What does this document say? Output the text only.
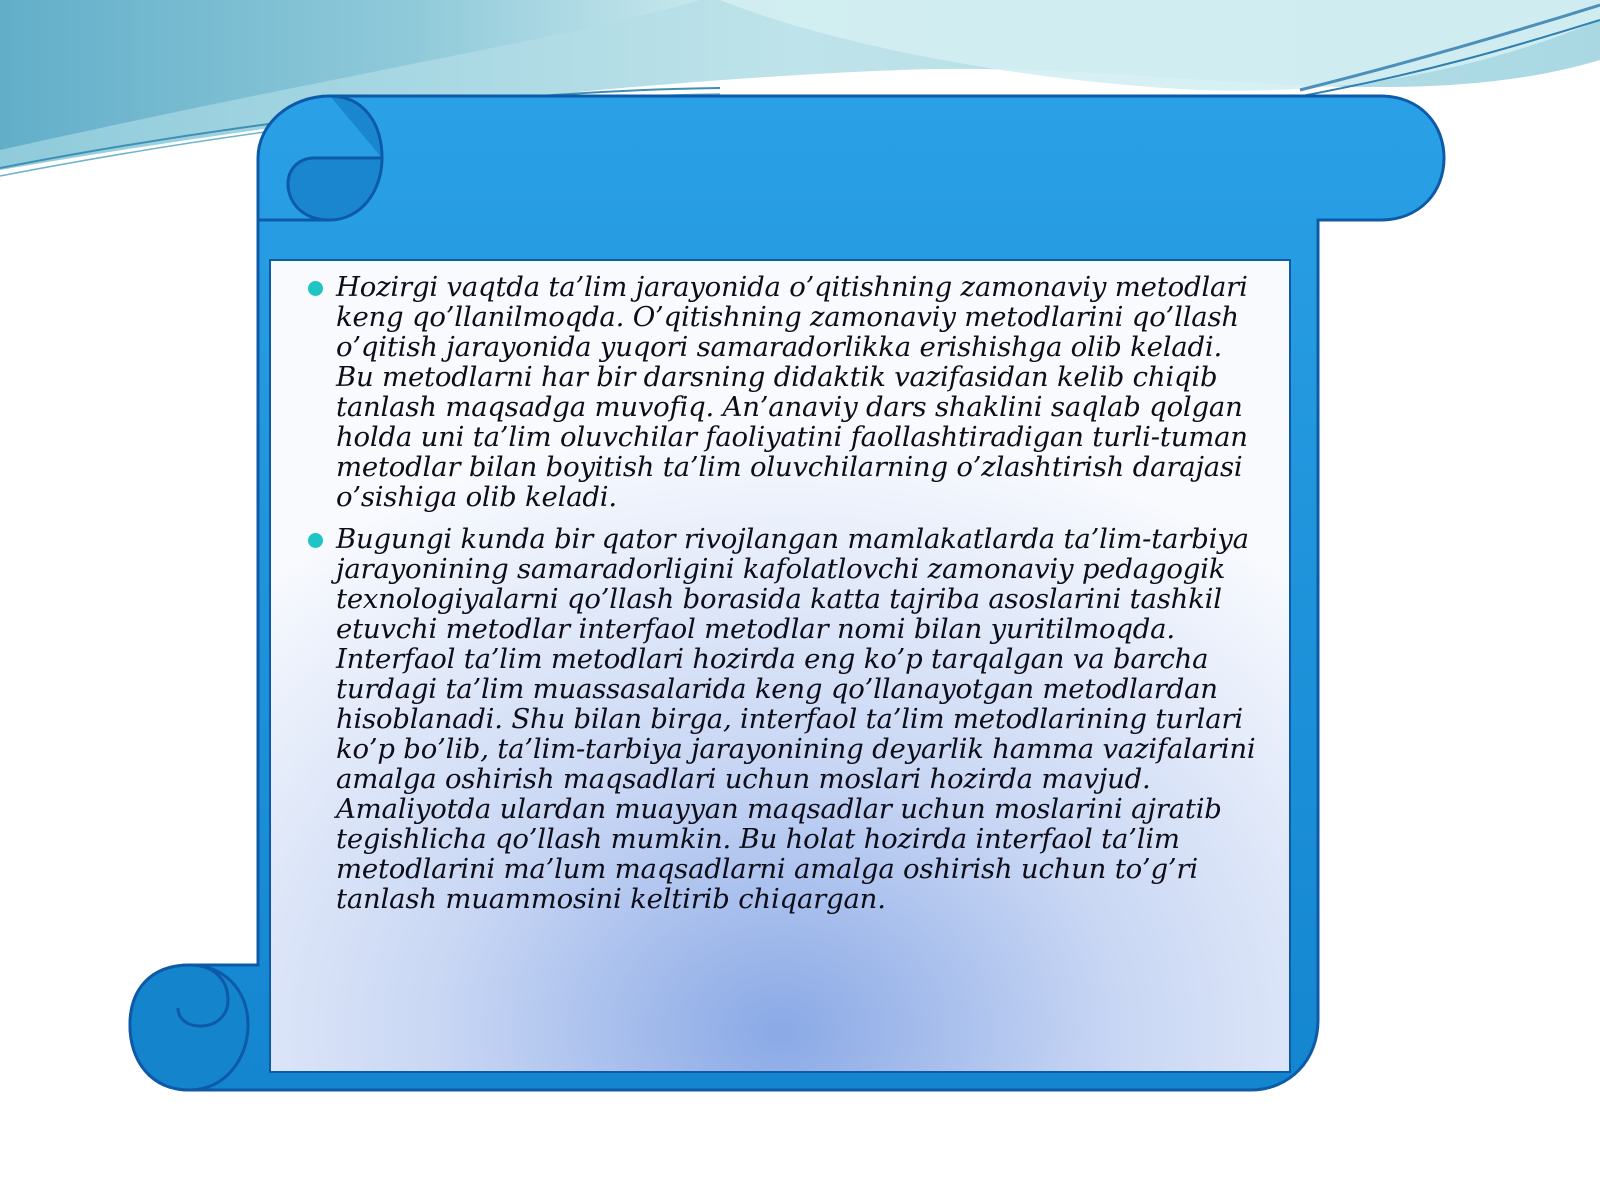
Hozirgi vaqtda ta’lim jarayonida o’qitishning zamonaviy metodlari keng qo’llanilmoqda. O’qitishning zamonaviy metodlarini qo’llash o’qitish jarayonida yuqori samaradorlikka erishishga olib keladi. Bu metodlarni har bir darsning didaktik vazifasidan kelib chiqib tanlash maqsadga muvofiq. An’anaviy dars shaklini saqlab qolgan holda uni ta’lim oluvchilar faoliyatini faollashtiradigan turli-tuman metodlar bilan boyitish ta’lim oluvchilarning o’zlashtirish darajasi o’sishiga olib keladi.
Bugungi kunda bir qator rivojlangan mamlakatlarda ta’lim-tarbiya jarayonining samaradorligini kafolatlovchi zamonaviy pedagogik texnologiyalarni qo’llash borasida katta tajriba asoslarini tashkil etuvchi metodlar interfaol metodlar nomi bilan yuritilmoqda. Interfaol ta’lim metodlari hozirda eng ko’p tarqalgan va barcha turdagi ta’lim muassasalarida keng qo’llanayotgan metodlardan hisoblanadi. Shu bilan birga, interfaol ta’lim metodlarining turlari ko’p bo’lib, ta’lim-tarbiya jarayonining deyarlik hamma vazifalarini amalga oshirish maqsadlari uchun moslari hozirda mavjud. Amaliyotda ulardan muayyan maqsadlar uchun moslarini ajratib tegishlicha qo’llash mumkin. Bu holat hozirda interfaol ta’lim metodlarini ma’lum maqsadlarni amalga oshirish uchun to’g’ri tanlash muammosini keltirib chiqargan.
